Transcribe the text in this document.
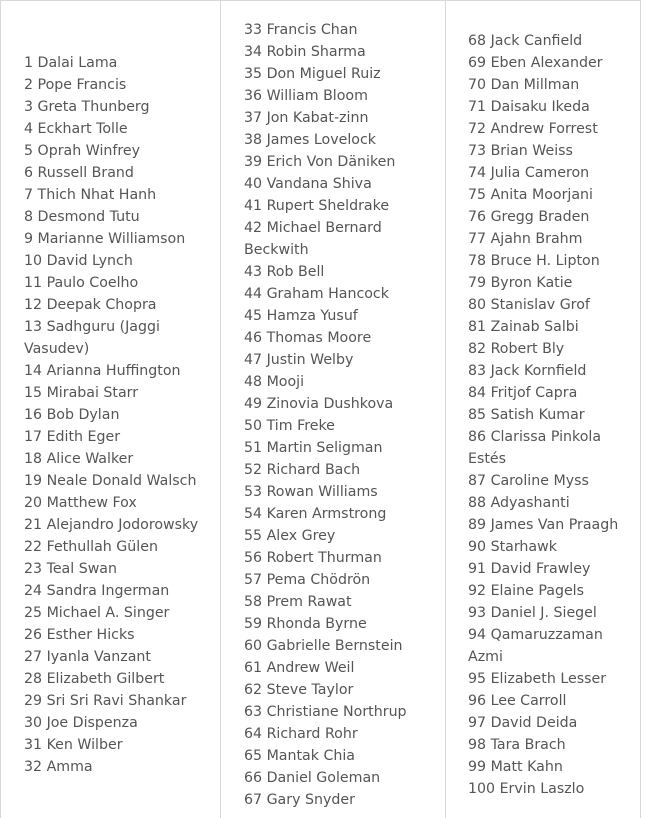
1 Dalai Lama
2 Pope Francis
3 Greta Thunberg
4 Eckhart Tolle
5 Oprah Winfrey
6 Russell Brand
7 Thich Nhat Hanh
8 Desmond Tutu
9 Marianne Williamson
10 David Lynch
11 Paulo Coelho
12 Deepak Chopra
13 Sadhguru (Jaggi Vasudev)
14 Arianna Huffington
15 Mirabai Starr
16 Bob Dylan
17 Edith Eger
18 Alice Walker
19 Neale Donald Walsch
20 Matthew Fox
21 Alejandro Jodorowsky
22 Fethullah Gülen
23 Teal Swan
24 Sandra Ingerman
25 Michael A. Singer
26 Esther Hicks
27 Iyanla Vanzant
28 Elizabeth Gilbert
29 Sri Sri Ravi Shankar
30 Joe Dispenza
31 Ken Wilber
32 Amma
33 Francis Chan
34 Robin Sharma
35 Don Miguel Ruiz
36 William Bloom
37 Jon Kabat-zinn
38 James Lovelock
39 Erich Von Däniken
40 Vandana Shiva
41 Rupert Sheldrake
42 Michael Bernard Beckwith
43 Rob Bell
44 Graham Hancock
45 Hamza Yusuf
46 Thomas Moore
47 Justin Welby
48 Mooji
49 Zinovia Dushkova
50 Tim Freke
51 Martin Seligman
52 Richard Bach
53 Rowan Williams
54 Karen Armstrong
55 Alex Grey
56 Robert Thurman
57 Pema Chödrön
58 Prem Rawat
59 Rhonda Byrne
60 Gabrielle Bernstein
61 Andrew Weil
62 Steve Taylor
63 Christiane Northrup
64 Richard Rohr
65 Mantak Chia
66 Daniel Goleman
67 Gary Snyder
68 Jack Canfield
69 Eben Alexander
70 Dan Millman
71 Daisaku Ikeda
72 Andrew Forrest
73 Brian Weiss
74 Julia Cameron
75 Anita Moorjani
76 Gregg Braden
77 Ajahn Brahm
78 Bruce H. Lipton
79 Byron Katie
80 Stanislav Grof
81 Zainab Salbi
82 Robert Bly
83 Jack Kornfield
84 Fritjof Capra
85 Satish Kumar
86 Clarissa Pinkola Estés
87 Caroline Myss
88 Adyashanti
89 James Van Praagh
90 Starhawk
91 David Frawley
92 Elaine Pagels
93 Daniel J. Siegel
94 Qamaruzzaman Azmi
95 Elizabeth Lesser
96 Lee Carroll
97 David Deida
98 Tara Brach
99 Matt Kahn
100 Ervin Laszlo
